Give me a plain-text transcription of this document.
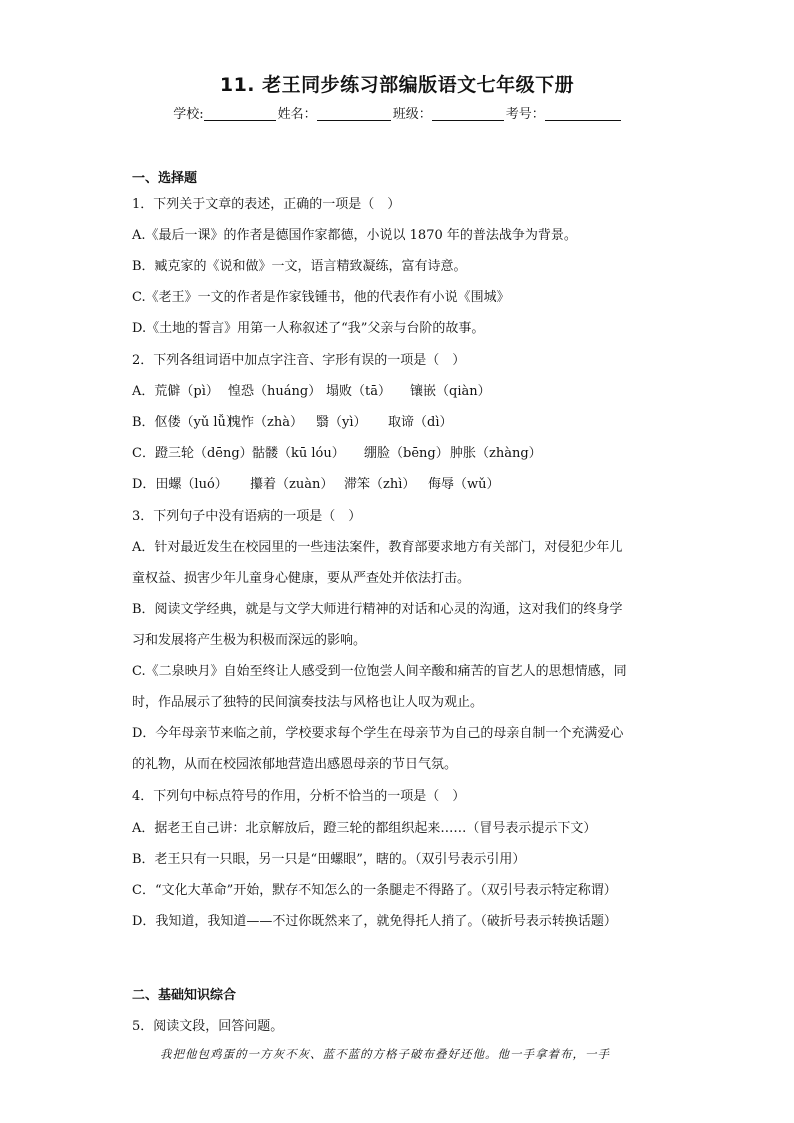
11. 老王同步练习部编版语文七年级下册
学校:	姓名：	班级：	考号：
一、选择题
1．下列关于文章的表述，正确的一项是（　）
A.《最后一课》的作者是德国作家都德，小说以 1870 年的普法战争为背景。
B．臧克家的《说和做》一文，语言精致凝练，富有诗意。
C.《老王》一文的作者是作家钱锺书，他的代表作有小说《围城》
D.《土地的誓言》用第一人称叙述了“我”父亲与台阶的故事。
2．下列各组词语中加点字注音、字形有误的一项是（　）
A．荒僻（pì） 惶恐（huáng） 塌败（tā） 镶嵌（qiàn）
B．伛偻（yǔ lǚ）愧怍（zhà） 翳（yì） 取谛（dì）
C．蹬三轮（dēng）骷髅（kū lóu） 绷脸（bēng）肿胀（zhàng）
D．田螺（luó） 攥着（zuàn） 滞笨（zhì） 侮辱（wǔ）
3．下列句子中没有语病的一项是（　）
A．针对最近发生在校园里的一些违法案件，教育部要求地方有关部门，对侵犯少年儿
童权益、损害少年儿童身心健康，要从严查处并依法打击。
B．阅读文学经典，就是与文学大师进行精神的对话和心灵的沟通，这对我们的终身学
习和发展将产生极为积极而深远的影响。
C.《二泉映月》自始至终让人感受到一位饱尝人间辛酸和痛苦的盲艺人的思想情感，同
时，作品展示了独特的民间演奏技法与风格也让人叹为观止。
D．今年母亲节来临之前，学校要求每个学生在母亲节为自己的母亲自制一个充满爱心
的礼物，从而在校园浓郁地营造出感恩母亲的节日气氛。
4．下列句中标点符号的作用，分析不恰当的一项是（　）
A．据老王自己讲：北京解放后，蹬三轮的都组织起来……（冒号表示提示下文）
B．老王只有一只眼，另一只是“田螺眼”，瞎的。（双引号表示引用）
C．“文化大革命”开始，默存不知怎么的一条腿走不得路了。（双引号表示特定称谓）
D．我知道，我知道——不过你既然来了，就免得托人捎了。（破折号表示转换话题）
二、基础知识综合
5．阅读文段，回答问题。
我把他包鸡蛋的一方灰不灰、蓝不蓝的方格子破布叠好还他。他一手拿着布，一手
